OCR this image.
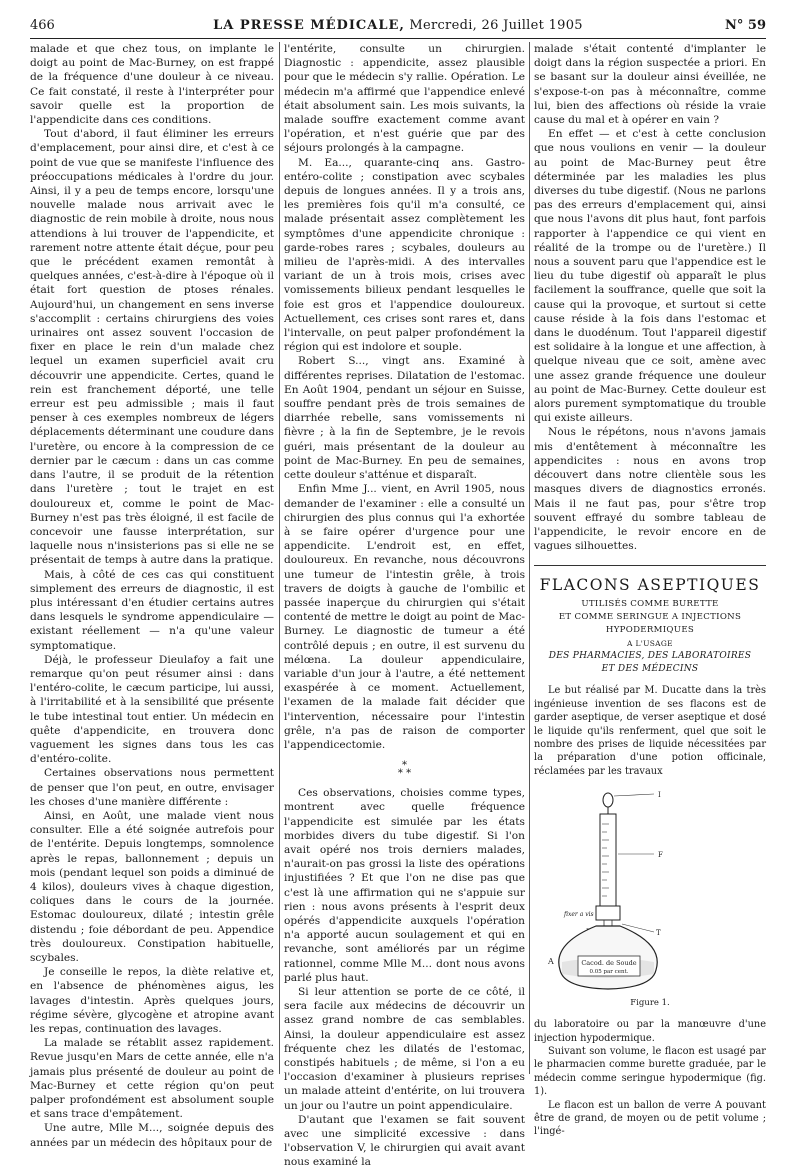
466	LA PRESSE MÉDICALE, Mercredi, 26 Juillet 1905	N° 59

malade et que chez tous, on implante le doigt au point de Mac-Burney, on est frappé de la fréquence d'une douleur à ce niveau. Ce fait constaté, il reste à l'interpréter pour savoir quelle est la proportion de l'appendicite dans ces conditions.

Tout d'abord, il faut éliminer les erreurs d'emplacement, pour ainsi dire, et c'est à ce point de vue que se manifeste l'influence des préoccupations médicales à l'ordre du jour. Ainsi, il y a peu de temps encore, lorsqu'une nouvelle malade nous arrivait avec le diagnostic de rein mobile à droite, nous nous attendions à lui trouver de l'appendicite, et rarement notre attente était déçue, pour peu que le précédent examen remontât à quelques années, c'est-à-dire à l'époque où il était fort question de ptoses rénales. Aujourd'hui, un changement en sens inverse s'accomplit : certains chirurgiens des voies urinaires ont assez souvent l'occasion de fixer en place le rein d'un malade chez lequel un examen superficiel avait cru découvrir une appendicite. Certes, quand le rein est franchement déporté, une telle erreur est peu admissible ; mais il faut penser à ces exemples nombreux de légers déplacements déterminant une coudure dans l'uretère, ou encore à la compression de ce dernier par le cæcum : dans un cas comme dans l'autre, il se produit de la rétention dans l'uretère ; tout le trajet en est douloureux et, comme le point de Mac-Burney n'est pas très éloigné, il est facile de concevoir une fausse interprétation, sur laquelle nous n'insisterions pas si elle ne se présentait de temps à autre dans la pratique.

Mais, à côté de ces cas qui constituent simplement des erreurs de diagnostic, il est plus intéressant d'en étudier certains autres dans lesquels le syndrome appendiculaire — existant réellement — n'a qu'une valeur symptomatique.

Déjà, le professeur Dieulafoy a fait une remarque qu'on peut résumer ainsi : dans l'entéro-colite, le cæcum participe, lui aussi, à l'irritabilité et à la sensibilité que présente le tube intestinal tout entier. Un médecin en quête d'appendicite, en trouvera donc vaguement les signes dans tous les cas d'entéro-colite.

Certaines observations nous permettent de penser que l'on peut, en outre, envisager les choses d'une manière différente :

Ainsi, en Août, une malade vient nous consulter. Elle a été soignée autrefois pour de l'entérite. Depuis longtemps, somnolence après le repas, ballonnement ; depuis un mois (pendant lequel son poids a diminué de 4 kilos), douleurs vives à chaque digestion, coliques dans le cours de la journée. Estomac douloureux, dilaté ; intestin grêle distendu ; foie débordant de peu. Appendice très douloureux. Constipation habituelle, scybales.

Je conseille le repos, la diète relative et, en l'absence de phénomènes aigus, les lavages d'intestin. Après quelques jours, régime sévère, glycogène et atropine avant les repas, continuation des lavages.

La malade se rétablit assez rapidement. Revue jusqu'en Mars de cette année, elle n'a jamais plus présenté de douleur au point de Mac-Burney et cette région qu'on peut palper profondément est absolument souple et sans trace d'empâtement.

Une autre, Mlle M..., soignée depuis des années par un médecin des hôpitaux pour de

l'entérite, consulte un chirurgien. Diagnostic : appendicite, assez plausible pour que le médecin s'y rallie. Opération. Le médecin m'a affirmé que l'appendice enlevé était absolument sain. Les mois suivants, la malade souffre exactement comme avant l'opération, et n'est guérie que par des séjours prolongés à la campagne.

M. Ea..., quarante-cinq ans. Gastro-entéro-colite ; constipation avec scybales depuis de longues années. Il y a trois ans, les premières fois qu'il m'a consulté, ce malade présentait assez complètement les symptômes d'une appendicite chronique : garde-robes rares ; scybales, douleurs au milieu de l'après-midi. A des intervalles variant de un à trois mois, crises avec vomissements bilieux pendant lesquelles le foie est gros et l'appendice douloureux. Actuellement, ces crises sont rares et, dans l'intervalle, on peut palper profondément la région qui est indolore et souple.

Robert S..., vingt ans. Examiné à différentes reprises. Dilatation de l'estomac. En Août 1904, pendant un séjour en Suisse, souffre pendant près de trois semaines de diarrhée rebelle, sans vomissements ni fièvre ; à la fin de Septembre, je le revois guéri, mais présentant de la douleur au point de Mac-Burney. En peu de semaines, cette douleur s'atténue et disparaît.

Enfin Mme J... vient, en Avril 1905, nous demander de l'examiner : elle a consulté un chirurgien des plus connus qui l'a exhortée à se faire opérer d'urgence pour une appendicite. L'endroit est, en effet, douloureux. En revanche, nous découvrons une tumeur de l'intestin grêle, à trois travers de doigts à gauche de l'ombilic et passée inaperçue du chirurgien qui s'était contenté de mettre le doigt au point de Mac-Burney. Le diagnostic de tumeur a été contrôlé depuis ; en outre, il est survenu du mélœna. La douleur appendiculaire, variable d'un jour à l'autre, a été nettement exaspérée à ce moment. Actuellement, l'examen de la malade fait décider que l'intervention, nécessaire pour l'intestin grêle, n'a pas de raison de comporter l'appendicectomie.

*
* *

Ces observations, choisies comme types, montrent avec quelle fréquence l'appendicite est simulée par les états morbides divers du tube digestif. Si l'on avait opéré nos trois derniers malades, n'aurait-on pas grossi la liste des opérations injustifiées ? Et que l'on ne dise pas que c'est là une affirmation qui ne s'appuie sur rien : nous avons présents à l'esprit deux opérés d'appendicite auxquels l'opération n'a apporté aucun soulagement et qui en revanche, sont améliorés par un régime rationnel, comme Mlle M... dont nous avons parlé plus haut.

Si leur attention se porte de ce côté, il sera facile aux médecins de découvrir un assez grand nombre de cas semblables. Ainsi, la douleur appendiculaire est assez fréquente chez les dilatés de l'estomac, constipés habituels ; de même, si l'on a eu l'occasion d'examiner à plusieurs reprises un malade atteint d'entérite, on lui trouvera un jour ou l'autre un point appendiculaire.

D'autant que l'examen se fait souvent avec une simplicité excessive : dans l'observation V, le chirurgien qui avait avant nous examiné la

malade s'était contenté d'implanter le doigt dans la région suspectée a priori. En se basant sur la douleur ainsi éveillée, ne s'expose-t-on pas à méconnaître, comme lui, bien des affections où réside la vraie cause du mal et à opérer en vain ?

En effet — et c'est à cette conclusion que nous voulions en venir — la douleur au point de Mac-Burney peut être déterminée par les maladies les plus diverses du tube digestif. (Nous ne parlons pas des erreurs d'emplacement qui, ainsi que nous l'avons dit plus haut, font parfois rapporter à l'appendice ce qui vient en réalité de la trompe ou de l'uretère.) Il nous a souvent paru que l'appendice est le lieu du tube digestif où apparaît le plus facilement la souffrance, quelle que soit la cause qui la provoque, et surtout si cette cause réside à la fois dans l'estomac et dans le duodénum. Tout l'appareil digestif est solidaire à la longue et une affection, à quelque niveau que ce soit, amène avec une assez grande fréquence une douleur au point de Mac-Burney. Cette douleur est alors purement symptomatique du trouble qui existe ailleurs.

Nous le répétons, nous n'avons jamais mis d'entêtement à méconnaître les appendicites : nous en avons trop découvert dans notre clientèle sous les masques divers de diagnostics erronés. Mais il ne faut pas, pour s'être trop souvent effrayé du sombre tableau de l'appendicite, le revoir encore en de vagues silhouettes.

FLACONS ASEPTIQUES
UTILISÉS COMME BURETTE
ET COMME SERINGUE A INJECTIONS HYPODERMIQUES
A L'USAGE
DES PHARMACIES, DES LABORATOIRES
ET DES MÉDECINS

Le but réalisé par M. Ducatte dans la très ingénieuse invention de ses flacons est de garder aseptique, de verser aseptique et dosé le liquide qu'ils renferment, quel que soit le nombre des prises de liquide nécessitées par la préparation d'une potion officinale, réclamées par les travaux

I
F
fixer a vis
T
Cacod. de Soude
0.05 par cent.
A
Figure 1.

du laboratoire ou par la manœuvre d'une injection hypodermique.

Suivant son volume, le flacon est usagé par le pharmacien comme burette graduée, par le médecin comme seringue hypodermique (fig. 1).

Le flacon est un ballon de verre A pouvant être de grand, de moyen ou de petit volume ; l'ingé-
